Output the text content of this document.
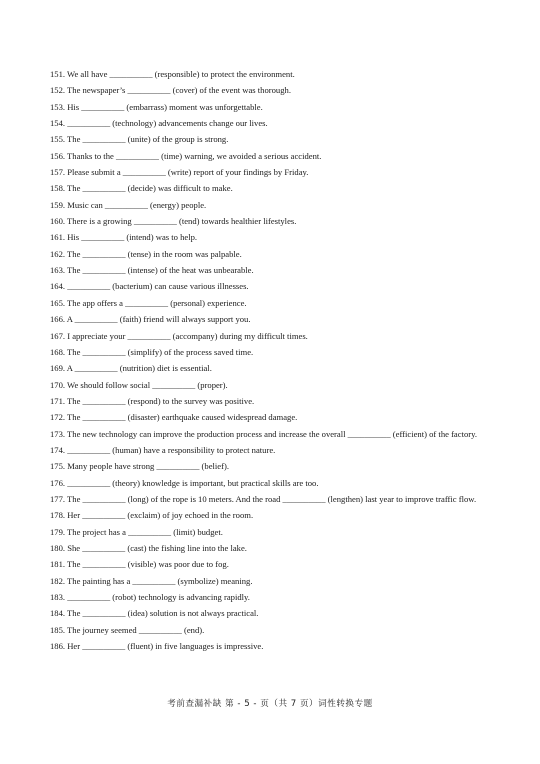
151. We all have __________ (responsible) to protect the environment.

152. The newspaper’s __________ (cover) of the event was thorough.

153. His __________ (embarrass) moment was unforgettable.

154. __________ (technology) advancements change our lives.

155. The __________ (unite) of the group is strong.

156. Thanks to the __________ (time) warning, we avoided a serious accident.

157. Please submit a __________ (write) report of your findings by Friday.

158. The __________ (decide) was difficult to make.

159. Music can __________ (energy) people.

160. There is a growing __________ (tend) towards healthier lifestyles.

161. His __________ (intend) was to help.

162. The __________ (tense) in the room was palpable.

163. The __________ (intense) of the heat was unbearable.

164. __________ (bacterium) can cause various illnesses.

165. The app offers a __________ (personal) experience.

166. A __________ (faith) friend will always support you.

167. I appreciate your __________ (accompany) during my difficult times.

168. The __________ (simplify) of the process saved time.

169. A __________ (nutrition) diet is essential.

170. We should follow social __________ (proper).

171. The __________ (respond) to the survey was positive.

172. The __________ (disaster) earthquake caused widespread damage.

173. The new technology can improve the production process and increase the overall __________ (efficient) of the factory.

174. __________ (human) have a responsibility to protect nature.

175. Many people have strong __________ (belief).

176. __________ (theory) knowledge is important, but practical skills are too.

177. The __________ (long) of the rope is 10 meters. And the road __________ (lengthen) last year to improve traffic flow.

178. Her __________ (exclaim) of joy echoed in the room.

179. The project has a __________ (limit) budget.

180. She __________ (cast) the fishing line into the lake.

181. The __________ (visible) was poor due to fog.

182. The painting has a __________ (symbolize) meaning.

183. __________ (robot) technology is advancing rapidly.

184. The __________ (idea) solution is not always practical.

185. The journey seemed __________ (end).

186. Her __________ (fluent) in five languages is impressive.

考前查漏补缺 第 - 5 - 页（共 7 页）词性转换专题
